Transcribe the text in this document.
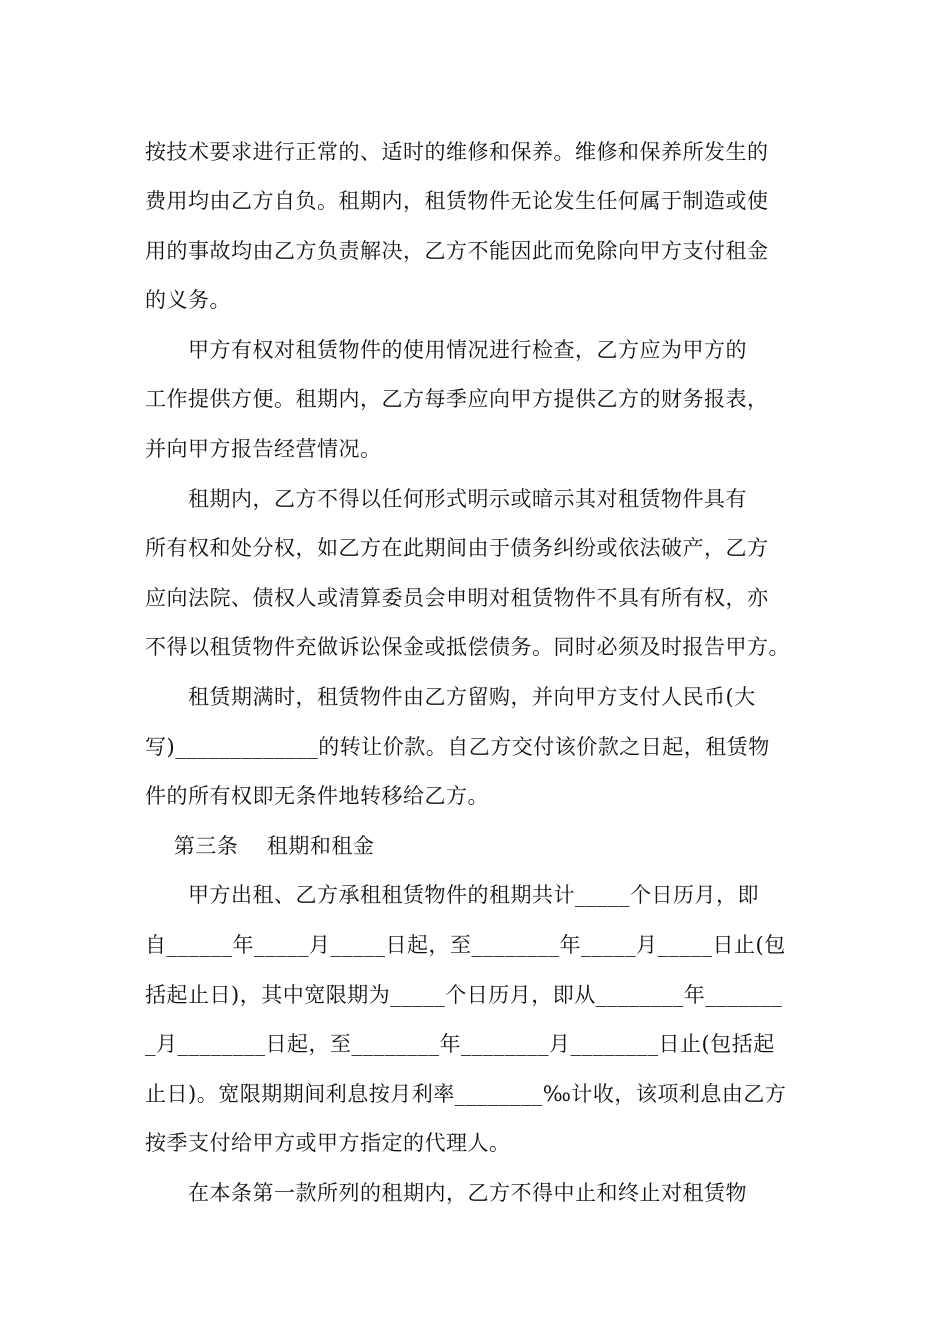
按技术要求进行正常的、适时的维修和保养。维修和保养所发生的
费用均由乙方自负。租期内，租赁物件无论发生任何属于制造或使
用的事故均由乙方负责解决，乙方不能因此而免除向甲方支付租金
的义务。
甲方有权对租赁物件的使用情况进行检查，乙方应为甲方的
工作提供方便。租期内，乙方每季应向甲方提供乙方的财务报表，
并向甲方报告经营情况。
租期内，乙方不得以任何形式明示或暗示其对租赁物件具有
所有权和处分权，如乙方在此期间由于债务纠纷或依法破产，乙方
应向法院、债权人或清算委员会申明对租赁物件不具有所有权，亦
不得以租赁物件充做诉讼保金或抵偿债务。同时必须及时报告甲方。
租赁期满时，租赁物件由乙方留购，并向甲方支付人民币(大
写)_____________的转让价款。自乙方交付该价款之日起，租赁物
件的所有权即无条件地转移给乙方。
第三条    租期和租金
甲方出租、乙方承租租赁物件的租期共计_____个日历月，即
自______年_____月_____日起，至________年_____月_____日止(包
括起止日)，其中宽限期为_____个日历月，即从________年_______
_月________日起，至________年________月________日止(包括起
止日)。宽限期期间利息按月利率________‰计收，该项利息由乙方
按季支付给甲方或甲方指定的代理人。
在本条第一款所列的租期内，乙方不得中止和终止对租赁物
